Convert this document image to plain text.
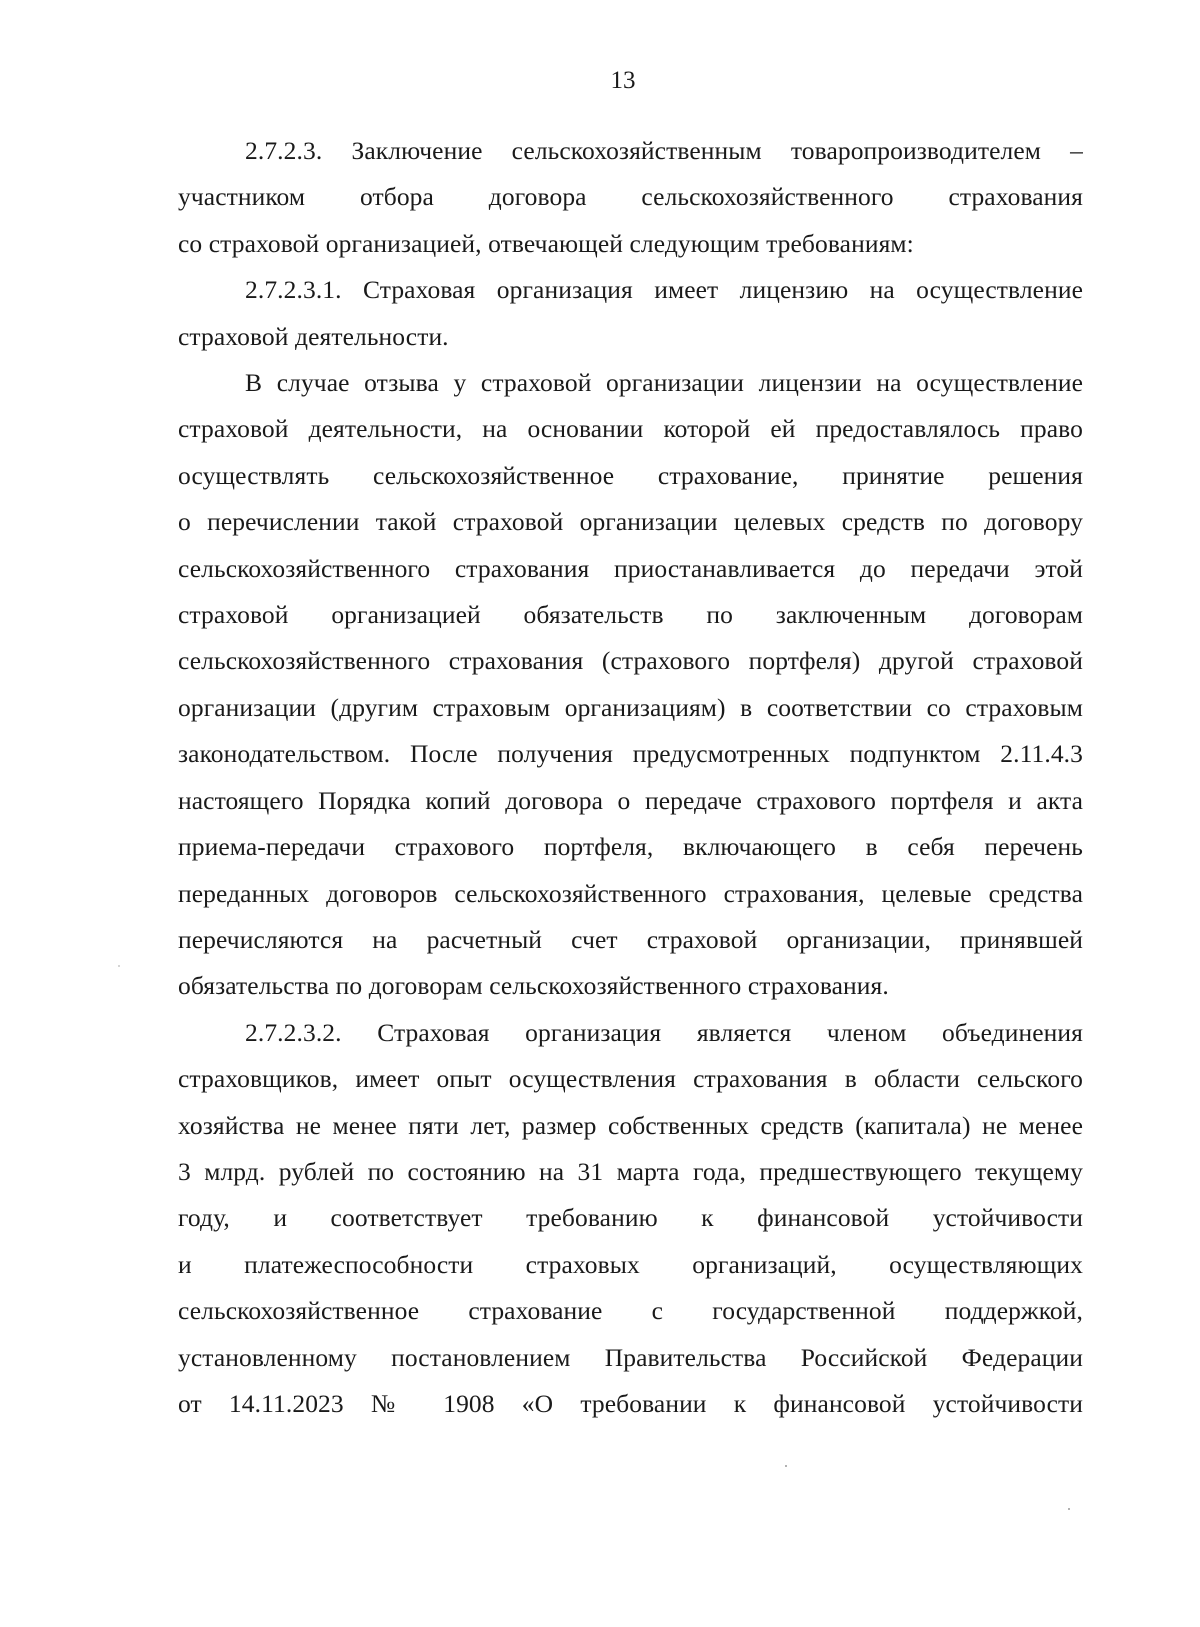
13
2.7.2.3. Заключение сельскохозяйственным товаропроизводителем –
участником отбора договора сельскохозяйственного страхования
со страховой организацией, отвечающей следующим требованиям:
2.7.2.3.1. Страховая организация имеет лицензию на осуществление
страховой деятельности.
В случае отзыва у страховой организации лицензии на осуществление
страховой деятельности, на основании которой ей предоставлялось право
осуществлять сельскохозяйственное страхование, принятие решения
о перечислении такой страховой организации целевых средств по договору
сельскохозяйственного страхования приостанавливается до передачи этой
страховой организацией обязательств по заключенным договорам
сельскохозяйственного страхования (страхового портфеля) другой страховой
организации (другим страховым организациям) в соответствии со страховым
законодательством. После получения предусмотренных подпунктом 2.11.4.3
настоящего Порядка копий договора о передаче страхового портфеля и акта
приема-передачи страхового портфеля, включающего в себя перечень
переданных договоров сельскохозяйственного страхования, целевые средства
перечисляются на расчетный счет страховой организации, принявшей
обязательства по договорам сельскохозяйственного страхования.
2.7.2.3.2. Страховая организация является членом объединения
страховщиков, имеет опыт осуществления страхования в области сельского
хозяйства не менее пяти лет, размер собственных средств (капитала) не менее
3 млрд. рублей по состоянию на 31 марта года, предшествующего текущему
году, и соответствует требованию к финансовой устойчивости
и платежеспособности страховых организаций, осуществляющих
сельскохозяйственное страхование с государственной поддержкой,
установленному постановлением Правительства Российской Федерации
от 14.11.2023 № 1908 «О требовании к финансовой устойчивости
